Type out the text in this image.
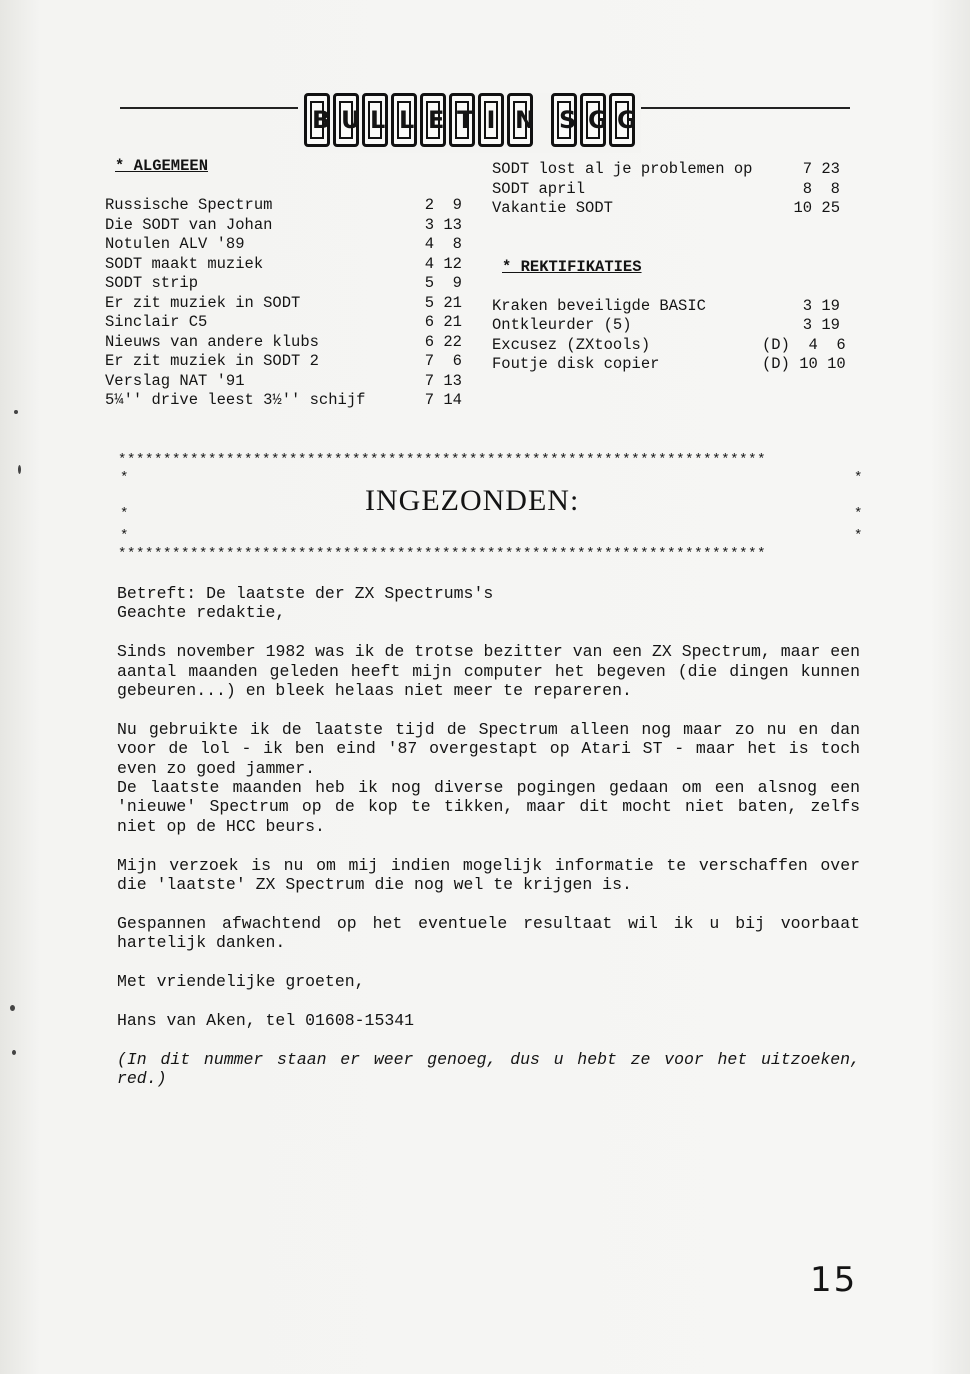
B U L L E T I N S G G
* ALGEMEEN
Russische Spectrum	2  9
Die SODT van Johan	3 13
Notulen ALV '89	4  8
SODT maakt muziek	4 12
SODT strip	5  9
Er zit muziek in SODT	5 21
Sinclair C5	6 21
Nieuws van andere klubs	6 22
Er zit muziek in SODT 2	7  6
Verslag NAT '91	7 13
5¼'' drive leest 3½'' schijf	7 14
SODT lost al je problemen op	7 23
SODT april	8  8
Vakantie SODT	10 25
* REKTIFIKATIES
Kraken beveiligde BASIC	3 19
Ontkleurder (5)	3 19
Excusez (ZXtools)	(D)  4  6
Foutje disk copier	(D) 10 10
************************************************************************
*	*
*	*
*	*
INGEZONDEN:
************************************************************************

Betreft: De laatste der ZX Spectrums's

Geachte redaktie,

Sinds november 1982 was ik de trotse bezitter van een ZX Spectrum, maar een aantal maanden geleden heeft mijn computer het begeven (die dingen kunnen gebeuren...) en bleek helaas niet meer te repareren.

Nu gebruikte ik de laatste tijd de Spectrum alleen nog maar zo nu en dan voor de lol - ik ben eind '87 overgestapt op Atari ST - maar het is toch even zo goed jammer.

De laatste maanden heb ik nog diverse pogingen gedaan om een alsnog een 'nieuwe' Spectrum op de kop te tikken, maar dit mocht niet baten, zelfs niet op de HCC beurs.

Mijn verzoek is nu om mij indien mogelijk informatie te verschaffen over die 'laatste' ZX Spectrum die nog wel te krijgen is.

Gespannen afwachtend op het eventuele resultaat wil ik u bij voorbaat hartelijk danken.

Met vriendelijke groeten,

Hans van Aken, tel 01608-15341

(In dit nummer staan er weer genoeg, dus u hebt ze voor het uitzoeken, red.)

15
